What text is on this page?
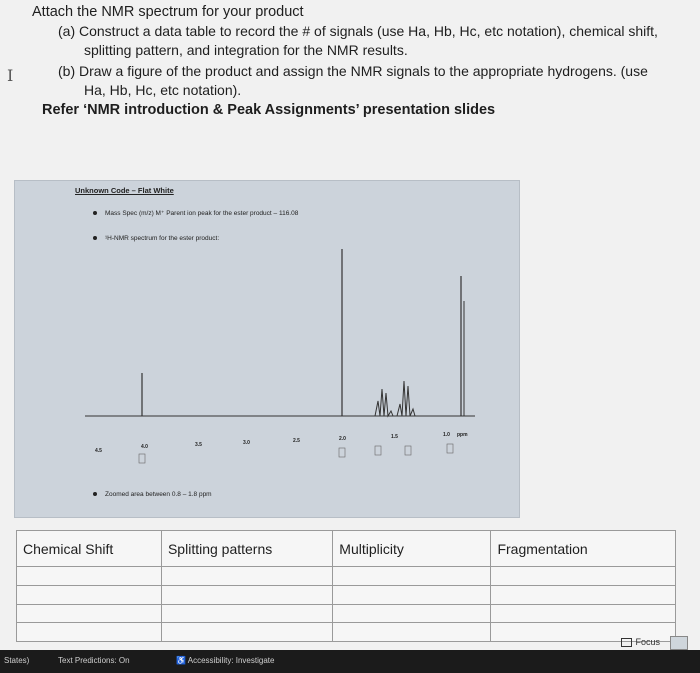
I
Attach the NMR spectrum for your product
(a) Construct a data table to record the # of signals (use Ha, Hb, Hc, etc notation), chemical shift,
splitting pattern, and integration for the NMR results.
(b) Draw a figure of the product and assign the NMR signals to the appropriate hydrogens. (use
Ha, Hb, Hc, etc notation).
Refer ‘NMR introduction & Peak Assignments’ presentation slides
Unknown Code – Flat White
Mass Spec (m/z) M⁺ Parent ion peak for the ester product – 116.08
¹H-NMR spectrum for the ester product:
4.5
4.0	3.5	3.0	2.5	2.0	1.5	1.0 ppm
Zoomed area between 0.8 – 1.8 ppm
Chemical Shift	Splitting patterns	Multiplicity	Fragmentation

Focus
States)	Text Predictions: On	♿ Accessibility: Investigate
